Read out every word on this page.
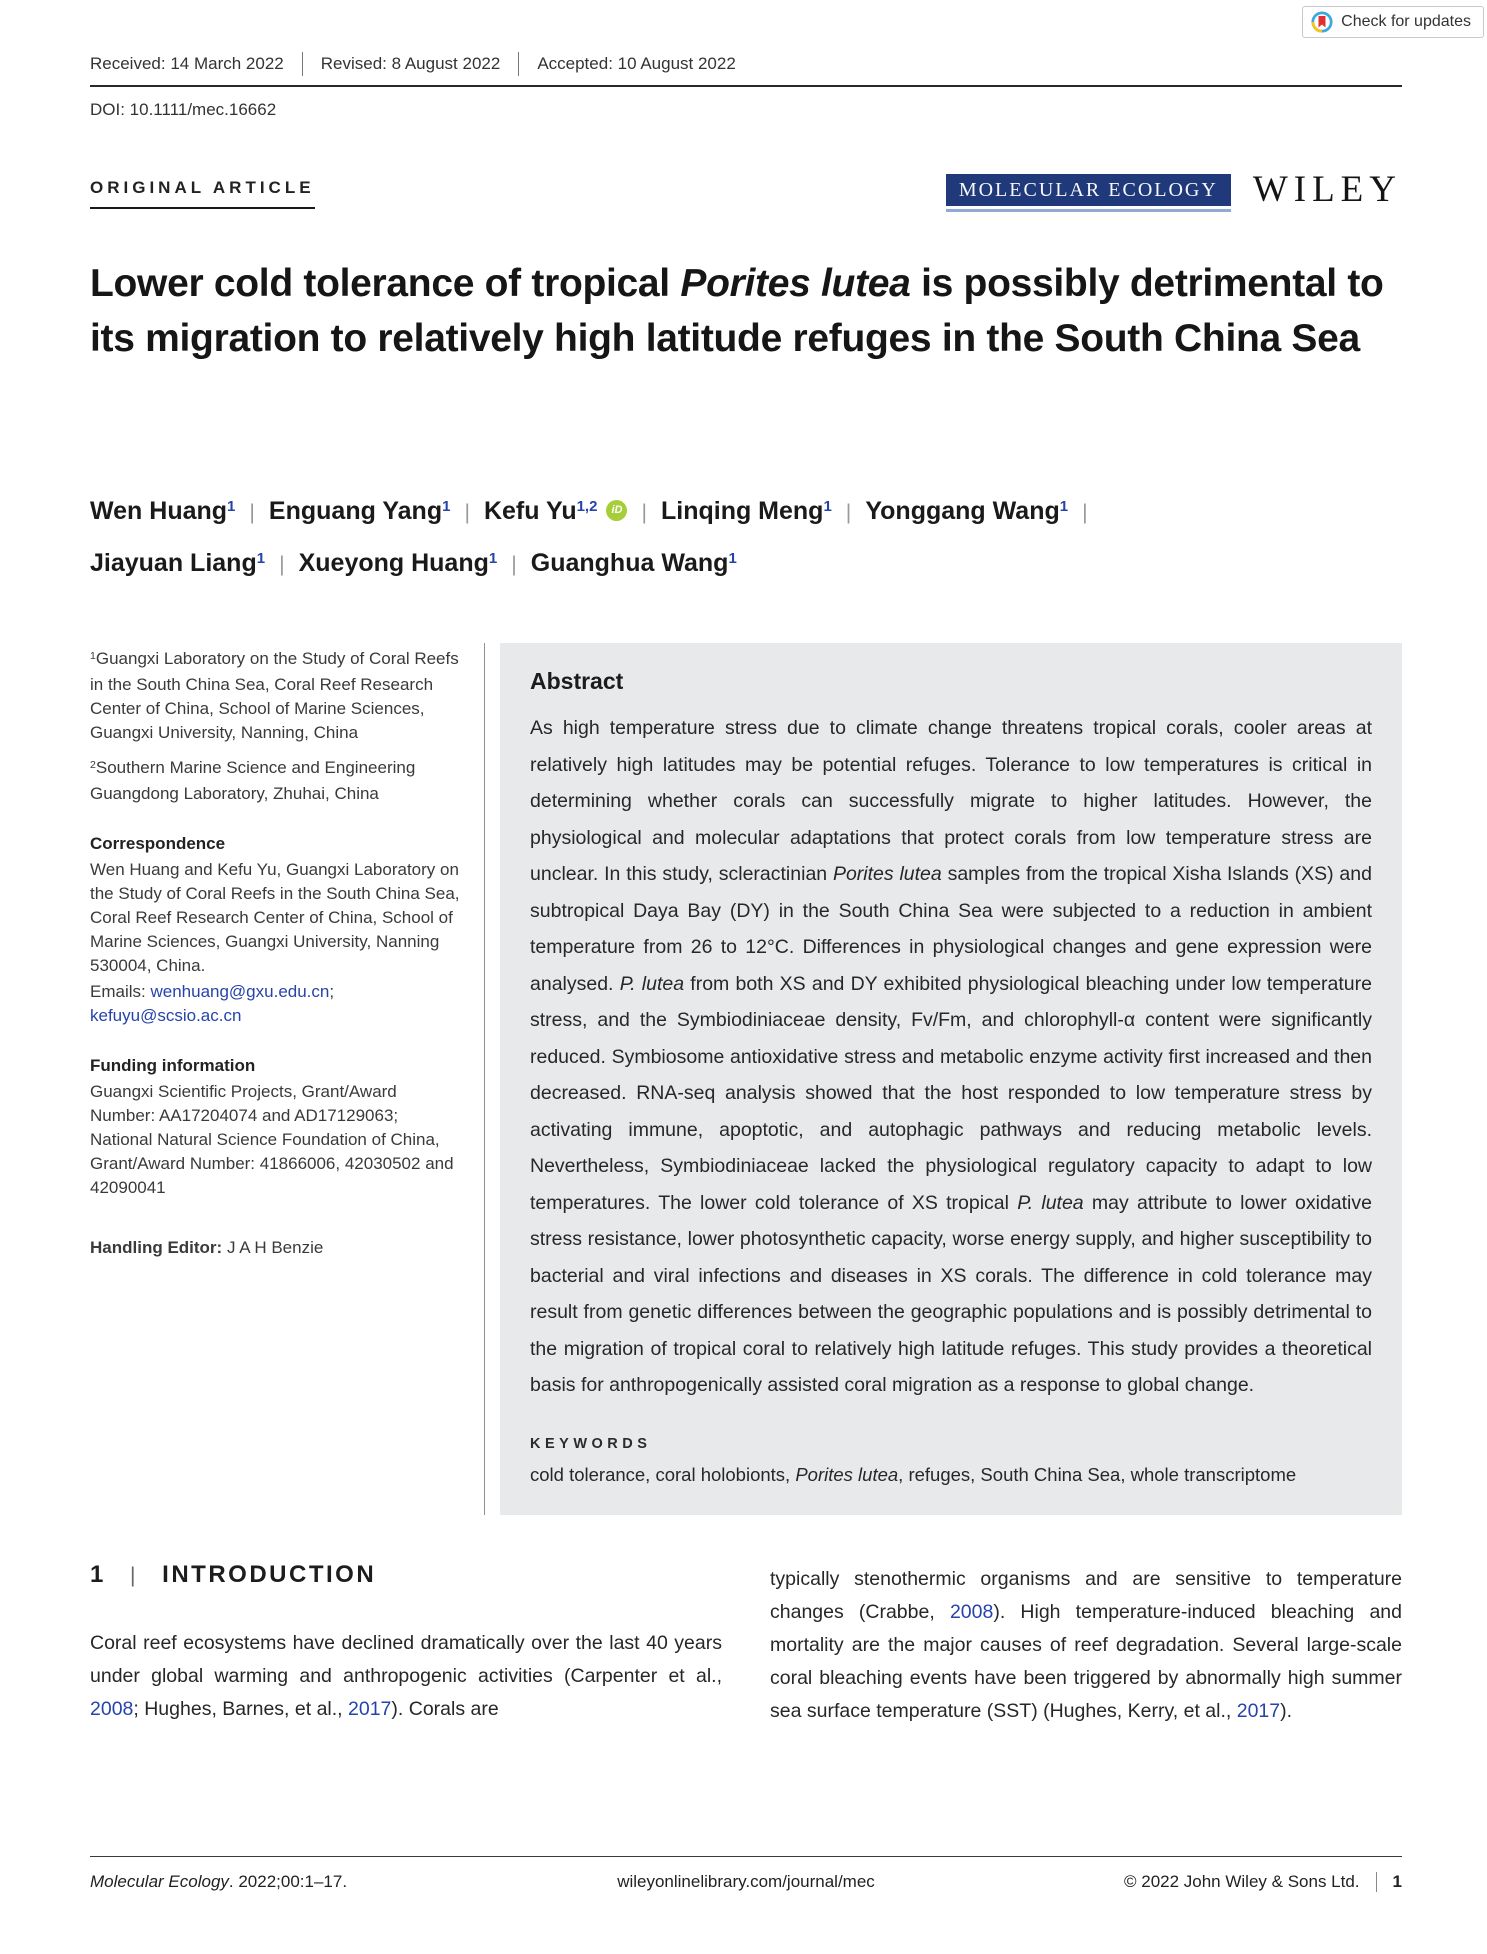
Check for updates
Received: 14 March 2022	Revised: 8 August 2022	Accepted: 10 August 2022
DOI: 10.1111/mec.16662
ORIGINAL ARTICLE	MOLECULAR ECOLOGY WILEY
Lower cold tolerance of tropical Porites lutea is possibly detrimental to its migration to relatively high latitude refuges in the South China Sea
Wen Huang$^1$ | Enguang Yang$^1$ | Kefu Yu$^{1,2}$ iD | Linqing Meng$^1$ | Yonggang Wang$^1$ |
Jiayuan Liang$^1$ | Xueyong Huang$^1$ | Guanghua Wang$^1$

$^1$Guangxi Laboratory on the Study of Coral Reefs in the South China Sea, Coral Reef Research Center of China, School of Marine Sciences, Guangxi University, Nanning, China

$^2$Southern Marine Science and Engineering Guangdong Laboratory, Zhuhai, China

Correspondence

Wen Huang and Kefu Yu, Guangxi Laboratory on the Study of Coral Reefs in the South China Sea, Coral Reef Research Center of China, School of Marine Sciences, Guangxi University, Nanning 530004, China.

Emails: wenhuang@gxu.edu.cn;
kefuyu@scsio.ac.cn

Funding information

Guangxi Scientific Projects, Grant/Award Number: AA17204074 and AD17129063; National Natural Science Foundation of China, Grant/Award Number: 41866006, 42030502 and 42090041

Handling Editor: J A H Benzie

Abstract

As high temperature stress due to climate change threatens tropical corals, cooler areas at relatively high latitudes may be potential refuges. Tolerance to low temperatures is critical in determining whether corals can successfully migrate to higher latitudes. However, the physiological and molecular adaptations that protect corals from low temperature stress are unclear. In this study, scleractinian Porites lutea samples from the tropical Xisha Islands (XS) and subtropical Daya Bay (DY) in the South China Sea were subjected to a reduction in ambient temperature from 26 to 12°C. Differences in physiological changes and gene expression were analysed. P. lutea from both XS and DY exhibited physiological bleaching under low temperature stress, and the Symbiodiniaceae density, Fv/Fm, and chlorophyll-α content were significantly reduced. Symbiosome antioxidative stress and metabolic enzyme activity first increased and then decreased. RNA-seq analysis showed that the host responded to low temperature stress by activating immune, apoptotic, and autophagic pathways and reducing metabolic levels. Nevertheless, Symbiodiniaceae lacked the physiological regulatory capacity to adapt to low temperatures. The lower cold tolerance of XS tropical P. lutea may attribute to lower oxidative stress resistance, lower photosynthetic capacity, worse energy supply, and higher susceptibility to bacterial and viral infections and diseases in XS corals. The difference in cold tolerance may result from genetic differences between the geographic populations and is possibly detrimental to the migration of tropical coral to relatively high latitude refuges. This study provides a theoretical basis for anthropogenically assisted coral migration as a response to global change.

KEYWORDS

cold tolerance, coral holobionts, Porites lutea, refuges, South China Sea, whole transcriptome

1 | INTRODUCTION

Coral reef ecosystems have declined dramatically over the last 40 years under global warming and anthropogenic activities (Carpenter et al., 2008; Hughes, Barnes, et al., 2017). Corals are

typically stenothermic organisms and are sensitive to temperature changes (Crabbe, 2008). High temperature-induced bleaching and mortality are the major causes of reef degradation. Several large-scale coral bleaching events have been triggered by abnormally high summer sea surface temperature (SST) (Hughes, Kerry, et al., 2017).

Molecular Ecology. 2022;00:1–17.	wileyonlinelibrary.com/journal/mec	© 2022 John Wiley & Sons Ltd.	1
